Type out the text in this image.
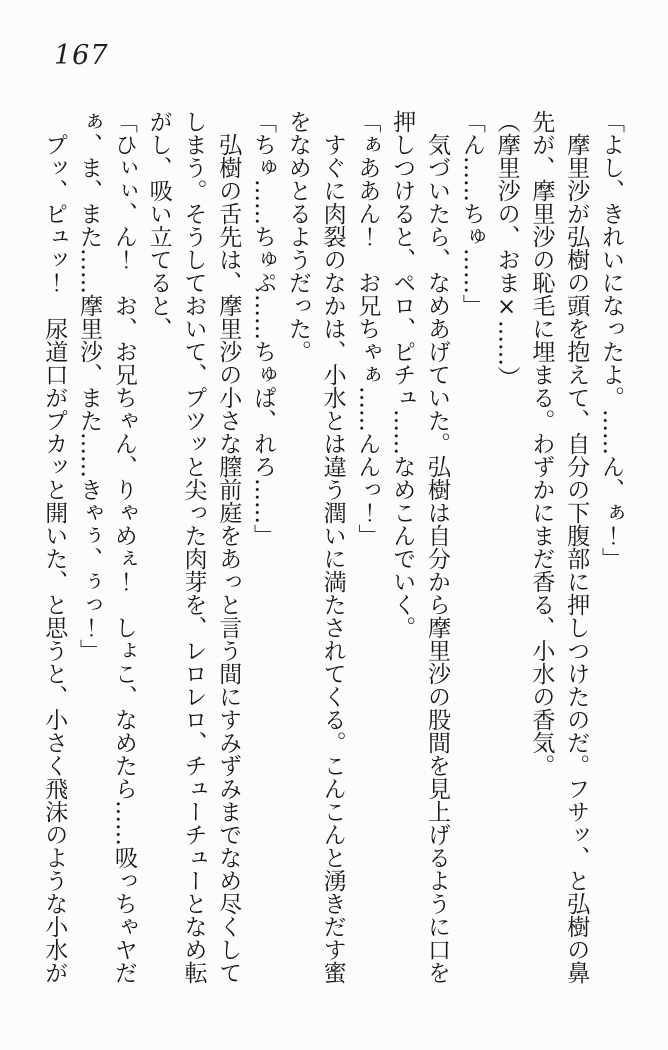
167

「よし、きれいになったよ。……ん、ぁ！」

　摩里沙が弘樹の頭を抱えて、自分の下腹部に押しつけたのだ。フサッ、と弘樹の鼻

先が、摩里沙の恥毛に埋まる。わずかにまだ香る、小水の香気。

（摩里沙の、おま×……）

「ん……ちゅ……」

　気づいたら、なめあげていた。弘樹は自分から摩里沙の股間を見上げるように口を

押しつけると、ペロ、ピチュ……なめこんでいく。

「ぁああん！　お兄ちゃぁ……んんっ！」

　すぐに肉裂のなかは、小水とは違う潤いに満たされてくる。こんこんと湧きだす蜜

をなめとるようだった。

「ちゅ……ちゅぷ……ちゅぱ、れろ……」

　弘樹の舌先は、摩里沙の小さな膣前庭をあっと言う間にすみずみまでなめ尽くして

しまう。そうしておいて、プツッと尖った肉芽を、レロレロ、チューチューとなめ転

がし、吸い立てると、

「ひぃぃ、ん！　お、お兄ちゃん、りゃめぇ！　しょこ、なめたら……吸っちゃヤだ

ぁ、ま、また……摩里沙、また……きゃぅ、ぅっ！」

　プッ、ピュッ！　尿道口がプカッと開いた、と思うと、小さく飛沫のような小水が
